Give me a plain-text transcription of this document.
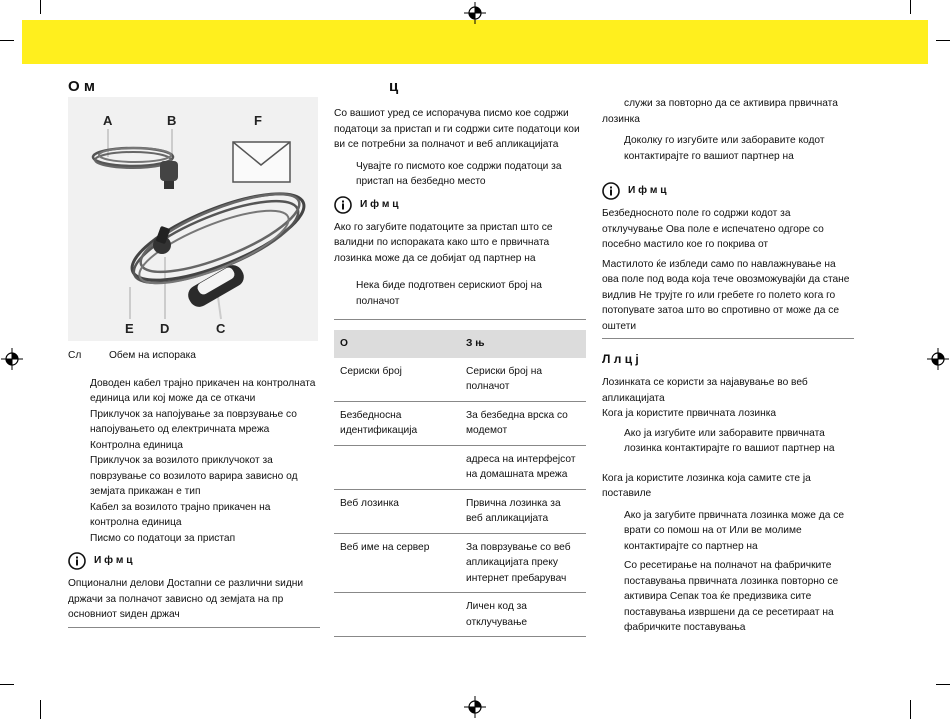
О м
A	B	F
E D	C

Сл	Обем на испорака

Доводен кабел трајно прикачен на контролната единица или кој може да се откачи
Приклучок за напојување за поврзување со напојувањето од електричната мрежа
Контролна единица
Приклучок за возилото приклучокот за поврзување со возилото варира зависно од земјата прикажан е тип
Кабел за возилото трајно прикачен на контролна единица
Писмо со податоци за пристап
И ф м ц
Опционални делови Достапни се различни ѕидни држачи за полначот зависно од земјата на пр основниот ѕиден држач
ц

Со вашиот уред се испорачува писмо кое содржи податоци за пристап и ги содржи сите податоци кои ви се потребни за полначот и веб апликацијата

Чувајте го писмото кое содржи податоци за пристап на безбедно место

И ф м ц

Ако го загубите податоците за пристап што се валидни по испораката како што е првичната лозинка може да се добијат од партнер на

Нека биде подготвен серискиот број на полначот

О	З њ
Сериски број	Сериски број на полначот
Безбедносна идентификација	За безбедна врска со модемот
	адреса на интерфејсот на домашната мрежа
Веб лозинка	Првична лозинка за веб апликацијата
Веб име на сервер	За поврзување со веб апликацијата преку интернет пребарувач
	Личен код за отклучување

служи за повторно да се активира првичната лозинка

Доколку го изгубите или заборавите кодот контактирајте го вашиот партнер на

И ф м ц

Безбедносното поле го содржи кодот за отклучување Ова поле е испечатено одгоре со посебно мастило кое го покрива от

Мастилото ќе избледи само по навлажнување на ова поле под вода која тече овозможувајќи да стане видлив Не трујте го или гребете го полето кога го потопувате затоа што во спротивно от може да се оштети

Л л ц j
Лозинката се користи за најавување во веб апликацијата
Кога ја користите првичната лозинка

Ако ја изгубите или заборавите првичната лозинка контактирајте го вашиот партнер на

Кога ја користите лозинка која самите сте ја поставиле

Ако ја загубите првичната лозинка може да се врати со помош на от Или ве молиме контактирајте со партнер на

Со ресетирање на полначот на фабричките поставувања првичната лозинка повторно се активира Сепак тоа ќе предизвика сите поставувања извршени да се ресетираат на фабричките поставувања
